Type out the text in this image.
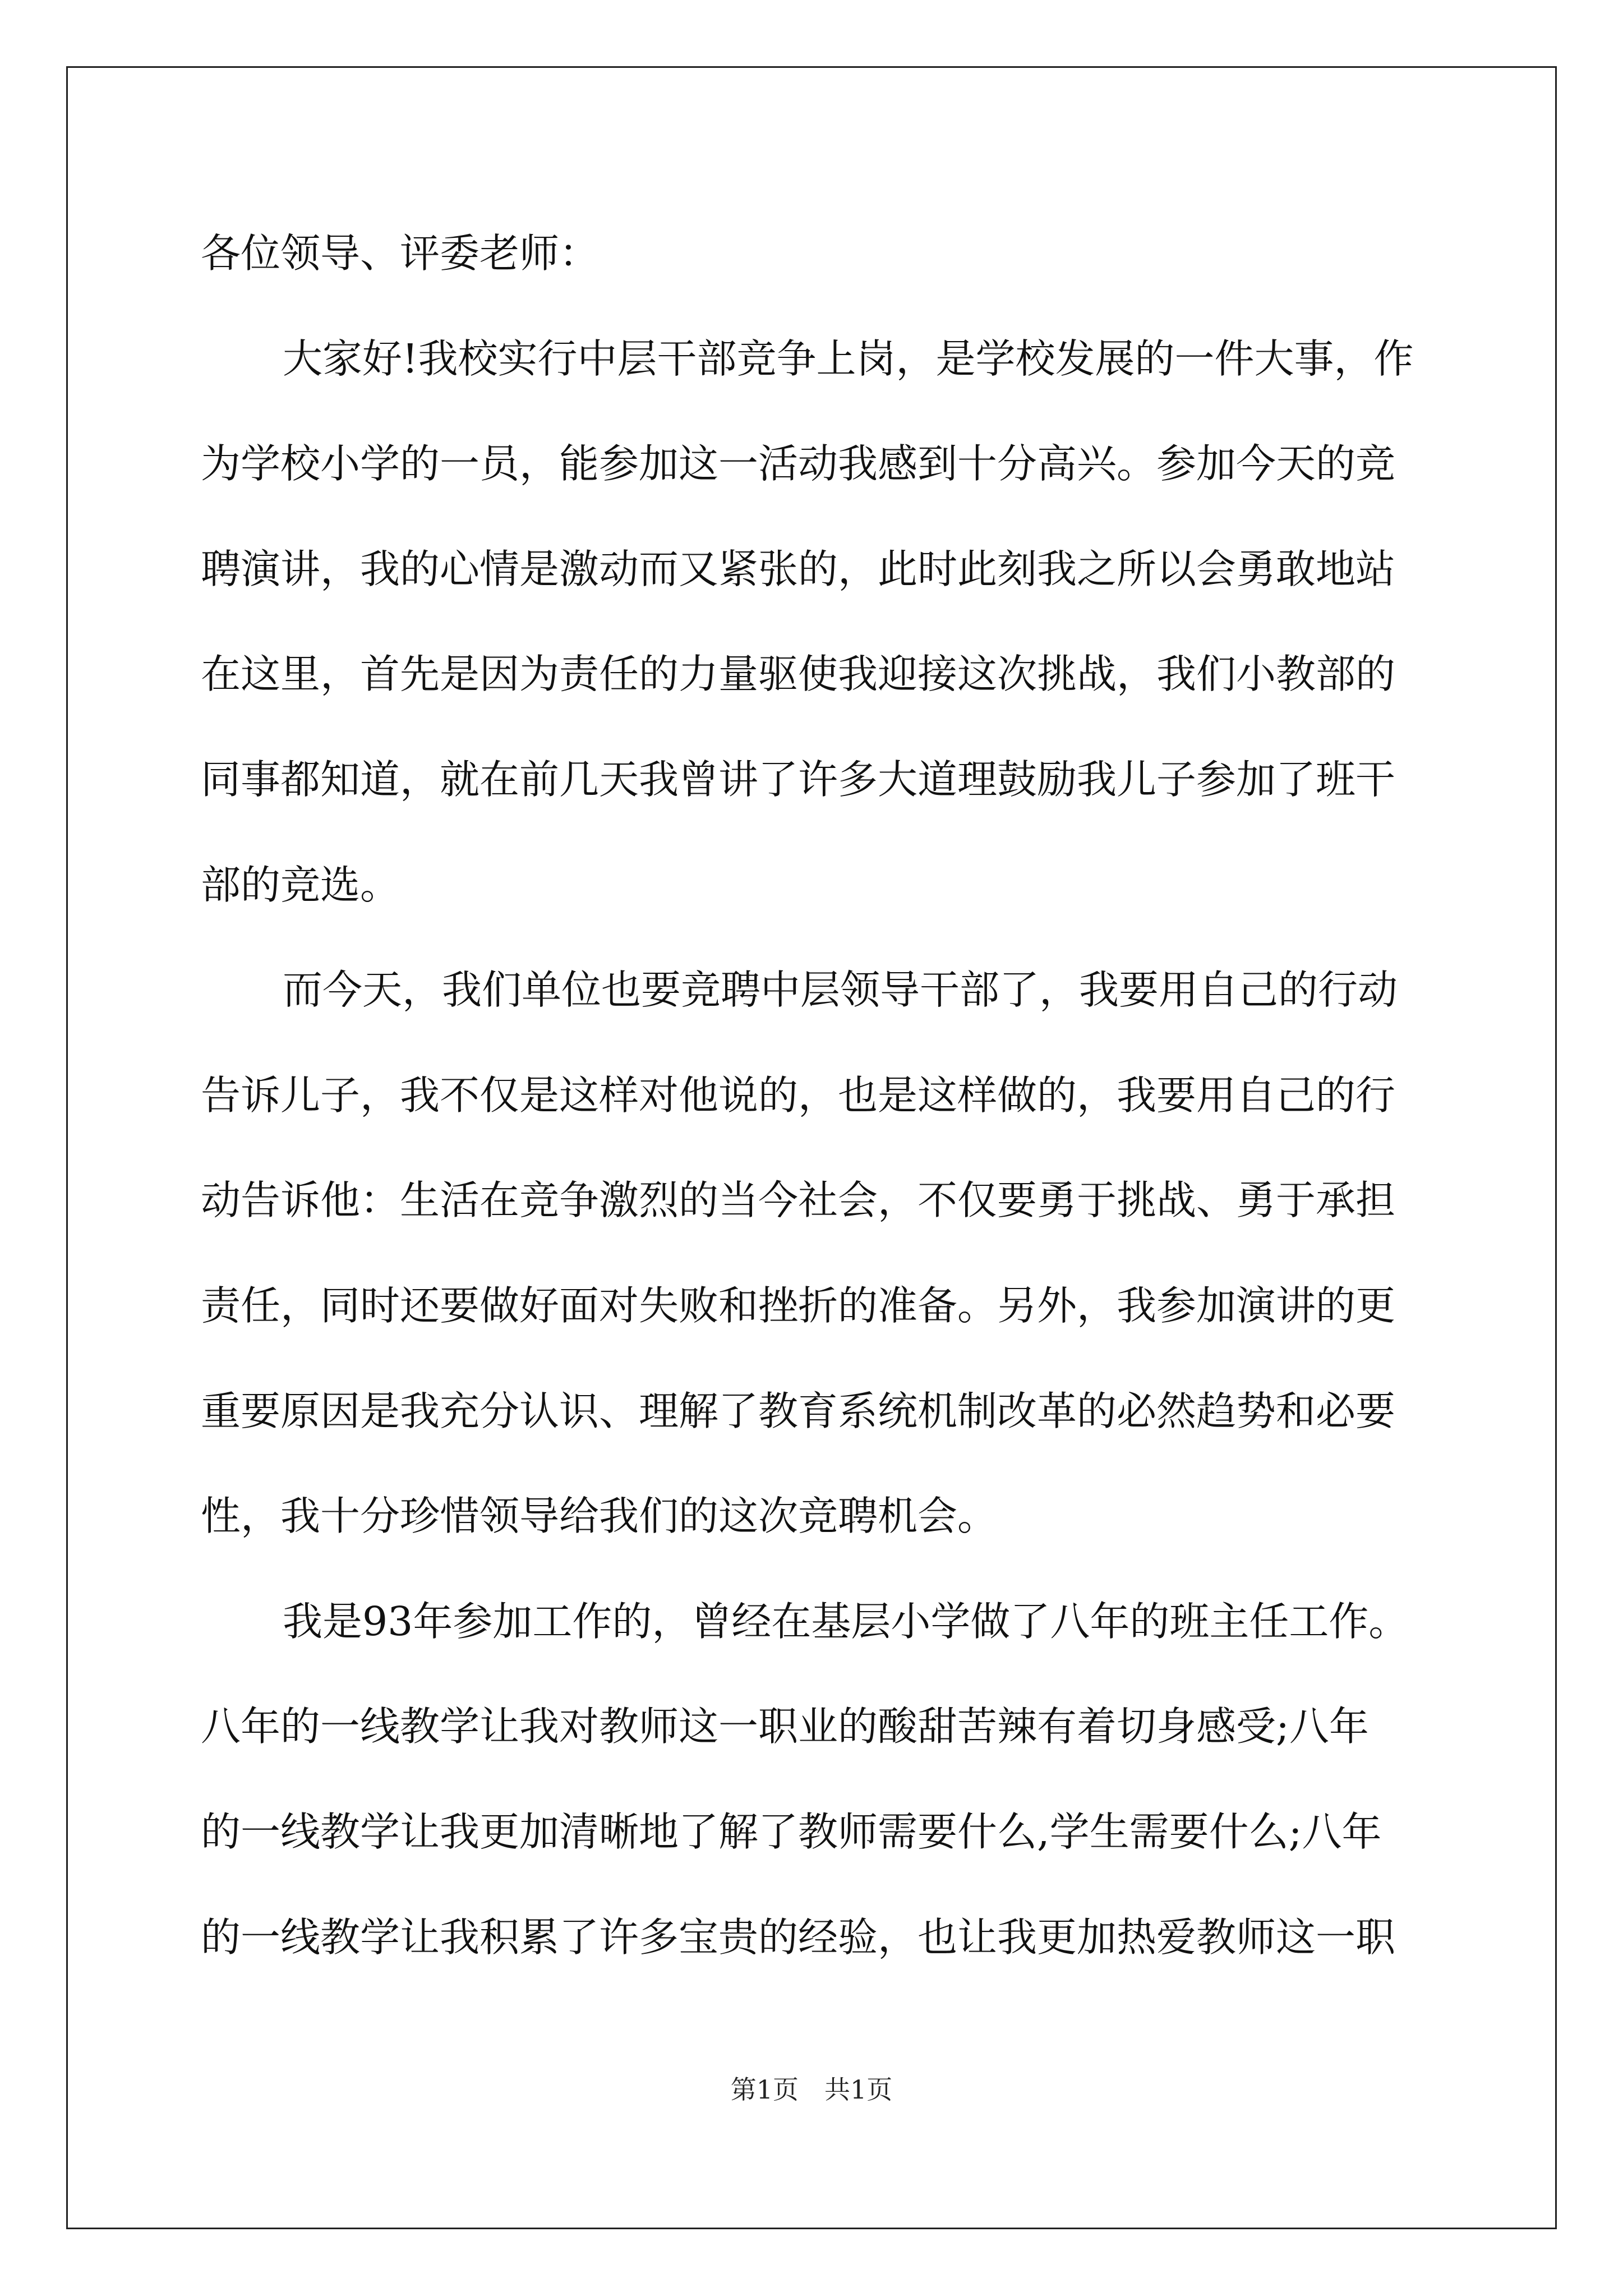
各位领导、评委老师：
大家好!我校实行中层干部竞争上岗，是学校发展的一件大事，作
为学校小学的一员，能参加这一活动我感到十分高兴。参加今天的竞
聘演讲，我的心情是激动而又紧张的，此时此刻我之所以会勇敢地站
在这里，首先是因为责任的力量驱使我迎接这次挑战，我们小教部的
同事都知道，就在前几天我曾讲了许多大道理鼓励我儿子参加了班干
部的竞选。
而今天，我们单位也要竞聘中层领导干部了，我要用自己的行动
告诉儿子，我不仅是这样对他说的，也是这样做的，我要用自己的行
动告诉他：生活在竞争激烈的当今社会，不仅要勇于挑战、勇于承担
责任，同时还要做好面对失败和挫折的准备。另外，我参加演讲的更
重要原因是我充分认识、理解了教育系统机制改革的必然趋势和必要
性，我十分珍惜领导给我们的这次竞聘机会。
我是93年参加工作的，曾经在基层小学做了八年的班主任工作。
八年的一线教学让我对教师这一职业的酸甜苦辣有着切身感受;八年
的一线教学让我更加清晰地了解了教师需要什么,学生需要什么;八年
的一线教学让我积累了许多宝贵的经验，也让我更加热爱教师这一职
第1页　共1页
